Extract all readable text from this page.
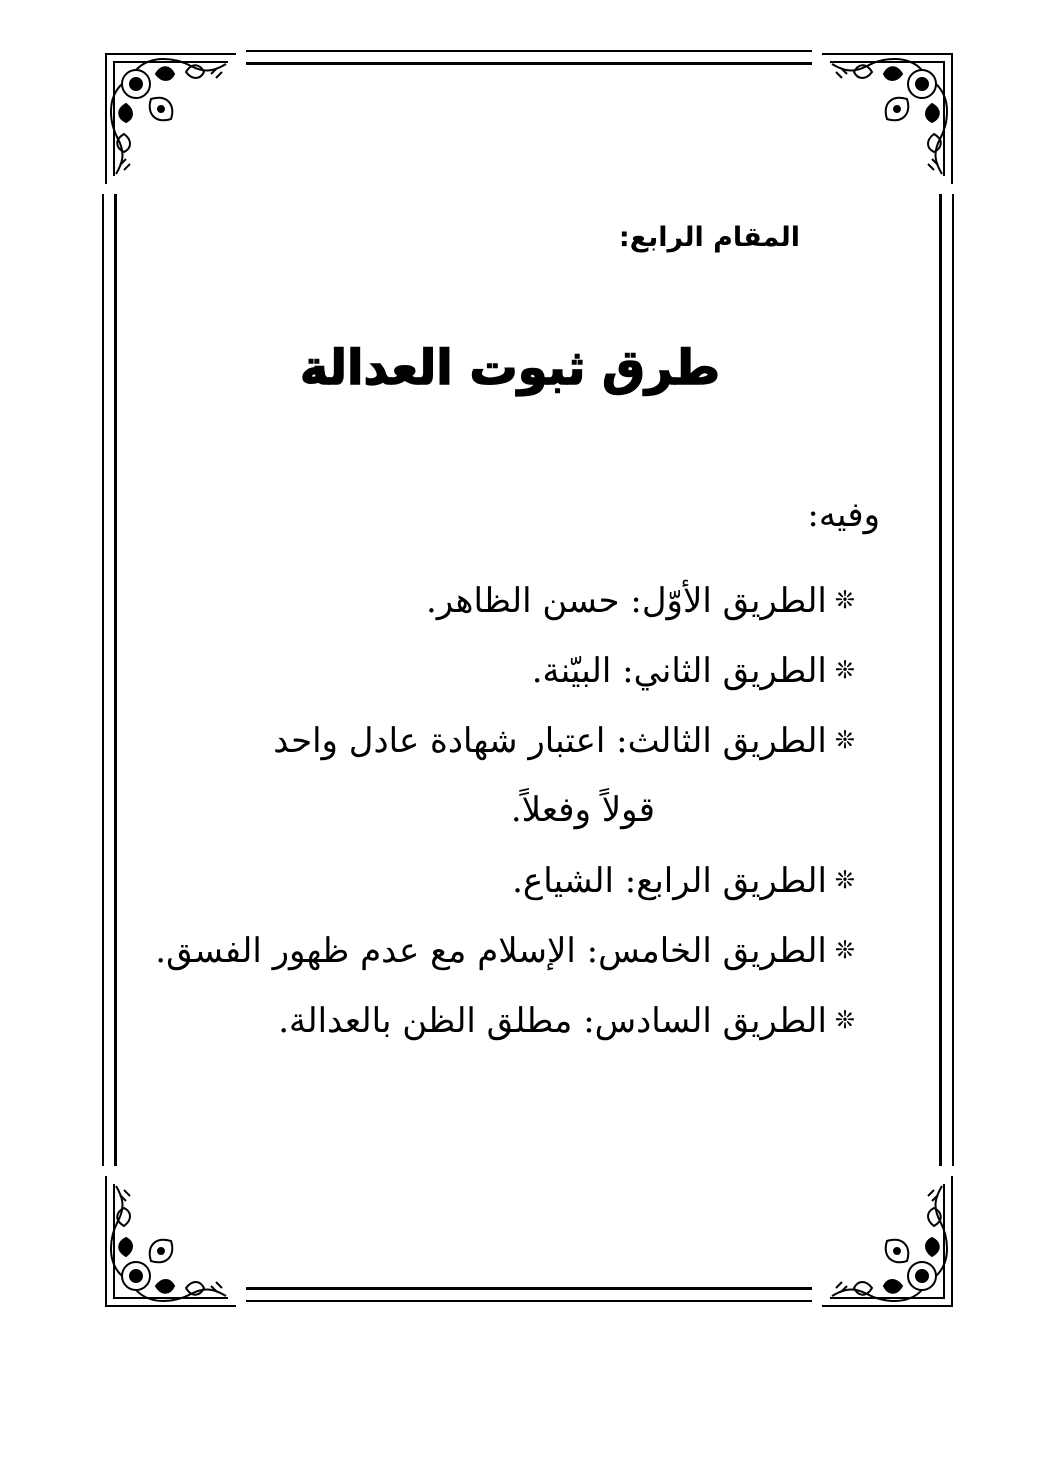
المقام الرابع:
طرق ثبوت العدالة
وفيه:
❊الطريق الأوّل: حسن الظاهر.
❊الطريق الثاني: البيّنة.
❊الطريق الثالث: اعتبار شهادة عادل واحد
قولاً وفعلاً.
❊الطريق الرابع: الشياع.
❊الطريق الخامس: الإسلام مع عدم ظهور الفسق.
❊الطريق السادس: مطلق الظن بالعدالة.
